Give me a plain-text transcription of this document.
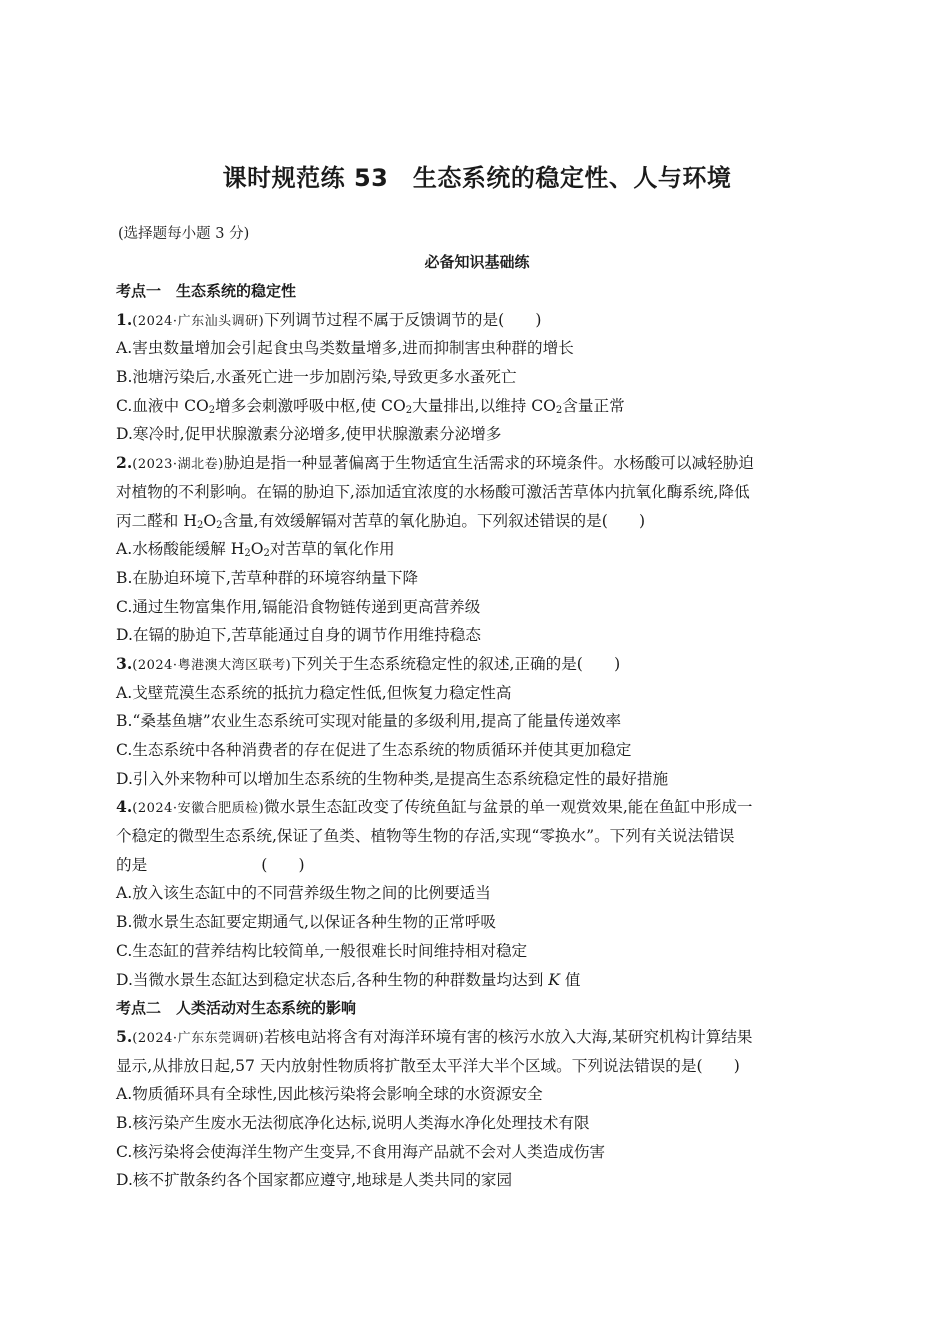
课时规范练 53　生态系统的稳定性、人与环境
(选择题每小题 3 分)
必备知识基础练
考点一　生态系统的稳定性
1.(2024·广东汕头调研)下列调节过程不属于反馈调节的是(　　)
A.害虫数量增加会引起食虫鸟类数量增多,进而抑制害虫种群的增长
B.池塘污染后,水蚤死亡进一步加剧污染,导致更多水蚤死亡
C.血液中 $CO_2$增多会刺激呼吸中枢,使 $CO_2$大量排出,以维持 $CO_2$含量正常
D.寒冷时,促甲状腺激素分泌增多,使甲状腺激素分泌增多
2.(2023·湖北卷)胁迫是指一种显著偏离于生物适宜生活需求的环境条件。水杨酸可以减轻胁迫
对植物的不利影响。在镉的胁迫下,添加适宜浓度的水杨酸可激活苦草体内抗氧化酶系统,降低
丙二醛和 $H_2O_2$含量,有效缓解镉对苦草的氧化胁迫。下列叙述错误的是(　　)
A.水杨酸能缓解 $H_2O_2$对苦草的氧化作用
B.在胁迫环境下,苦草种群的环境容纳量下降
C.通过生物富集作用,镉能沿食物链传递到更高营养级
D.在镉的胁迫下,苦草能通过自身的调节作用维持稳态
3.(2024·粤港澳大湾区联考)下列关于生态系统稳定性的叙述,正确的是(　　)
A.戈壁荒漠生态系统的抵抗力稳定性低,但恢复力稳定性高
B.“桑基鱼塘”农业生态系统可实现对能量的多级利用,提高了能量传递效率
C.生态系统中各种消费者的存在促进了生态系统的物质循环并使其更加稳定
D.引入外来物种可以增加生态系统的生物种类,是提高生态系统稳定性的最好措施
4.(2024·安徽合肥质检)微水景生态缸改变了传统鱼缸与盆景的单一观赏效果,能在鱼缸中形成一
个稳定的微型生态系统,保证了鱼类、植物等生物的存活,实现“零换水”。下列有关说法错误
的是	(　　)
A.放入该生态缸中的不同营养级生物之间的比例要适当
B.微水景生态缸要定期通气,以保证各种生物的正常呼吸
C.生态缸的营养结构比较简单,一般很难长时间维持相对稳定
D.当微水景生态缸达到稳定状态后,各种生物的种群数量均达到 K 值
考点二　人类活动对生态系统的影响
5.(2024·广东东莞调研)若核电站将含有对海洋环境有害的核污水放入大海,某研究机构计算结果
显示,从排放日起,57 天内放射性物质将扩散至太平洋大半个区域。下列说法错误的是(　　)
A.物质循环具有全球性,因此核污染将会影响全球的水资源安全
B.核污染产生废水无法彻底净化达标,说明人类海水净化处理技术有限
C.核污染将会使海洋生物产生变异,不食用海产品就不会对人类造成伤害
D.核不扩散条约各个国家都应遵守,地球是人类共同的家园
